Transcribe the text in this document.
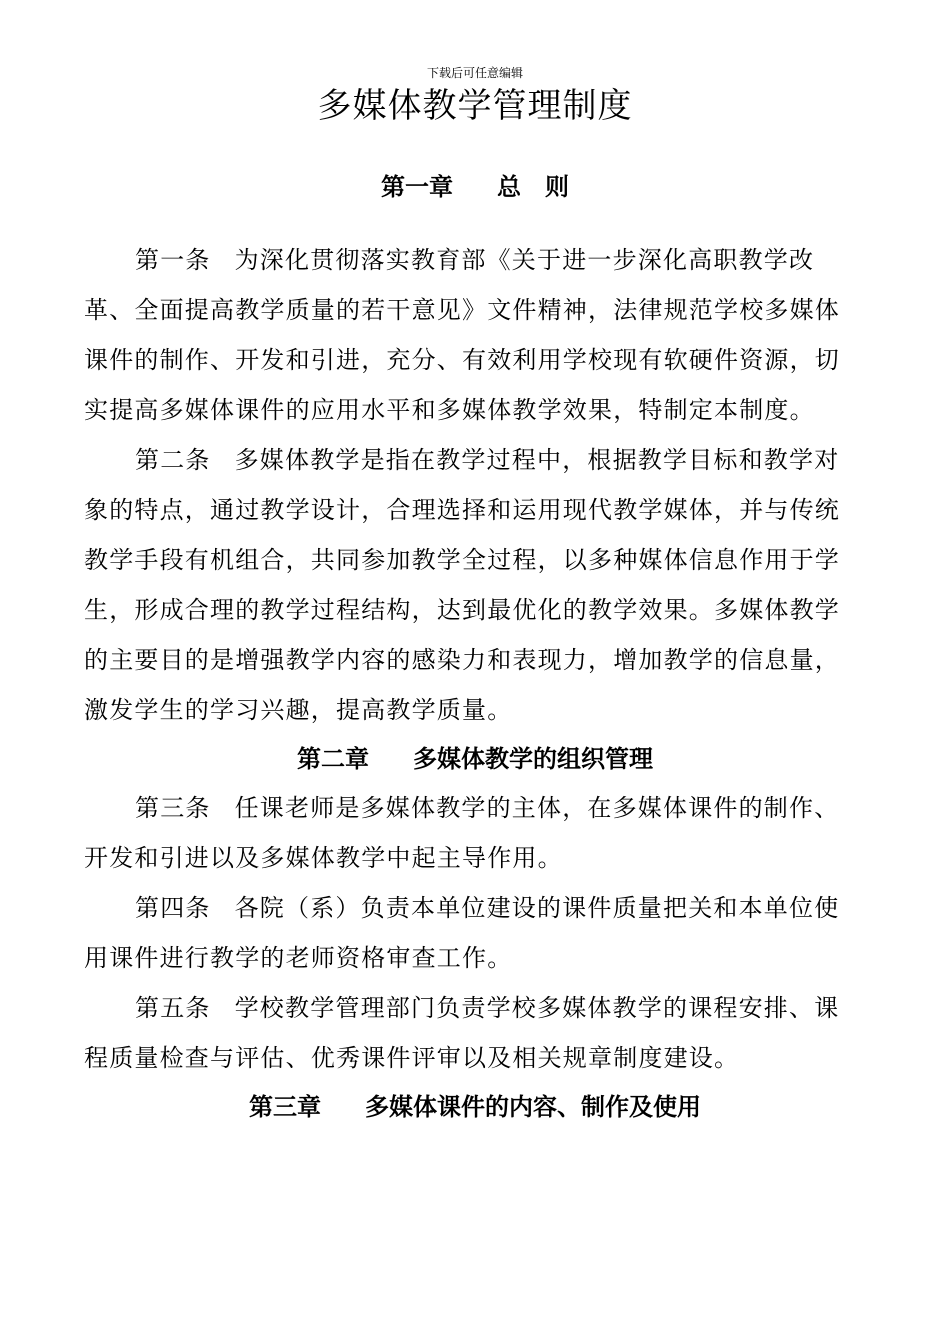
下载后可任意编辑
多媒体教学管理制度
第一章 总　则

第一条 为深化贯彻落实教育部《关于进一步深化高职教学改革、全面提高教学质量的若干意见》文件精神，法律规范学校多媒体课件的制作、开发和引进，充分、有效利用学校现有软硬件资源，切实提高多媒体课件的应用水平和多媒体教学效果，特制定本制度。

第二条 多媒体教学是指在教学过程中，根据教学目标和教学对象的特点，通过教学设计，合理选择和运用现代教学媒体，并与传统教学手段有机组合，共同参加教学全过程，以多种媒体信息作用于学生，形成合理的教学过程结构，达到最优化的教学效果。多媒体教学的主要目的是增强教学内容的感染力和表现力，增加教学的信息量，激发学生的学习兴趣，提高教学质量。

第二章 多媒体教学的组织管理

第三条 任课老师是多媒体教学的主体，在多媒体课件的制作、开发和引进以及多媒体教学中起主导作用。

第四条 各院（系）负责本单位建设的课件质量把关和本单位使用课件进行教学的老师资格审查工作。

第五条 学校教学管理部门负责学校多媒体教学的课程安排、课程质量检查与评估、优秀课件评审以及相关规章制度建设。

第三章 多媒体课件的内容、制作及使用
